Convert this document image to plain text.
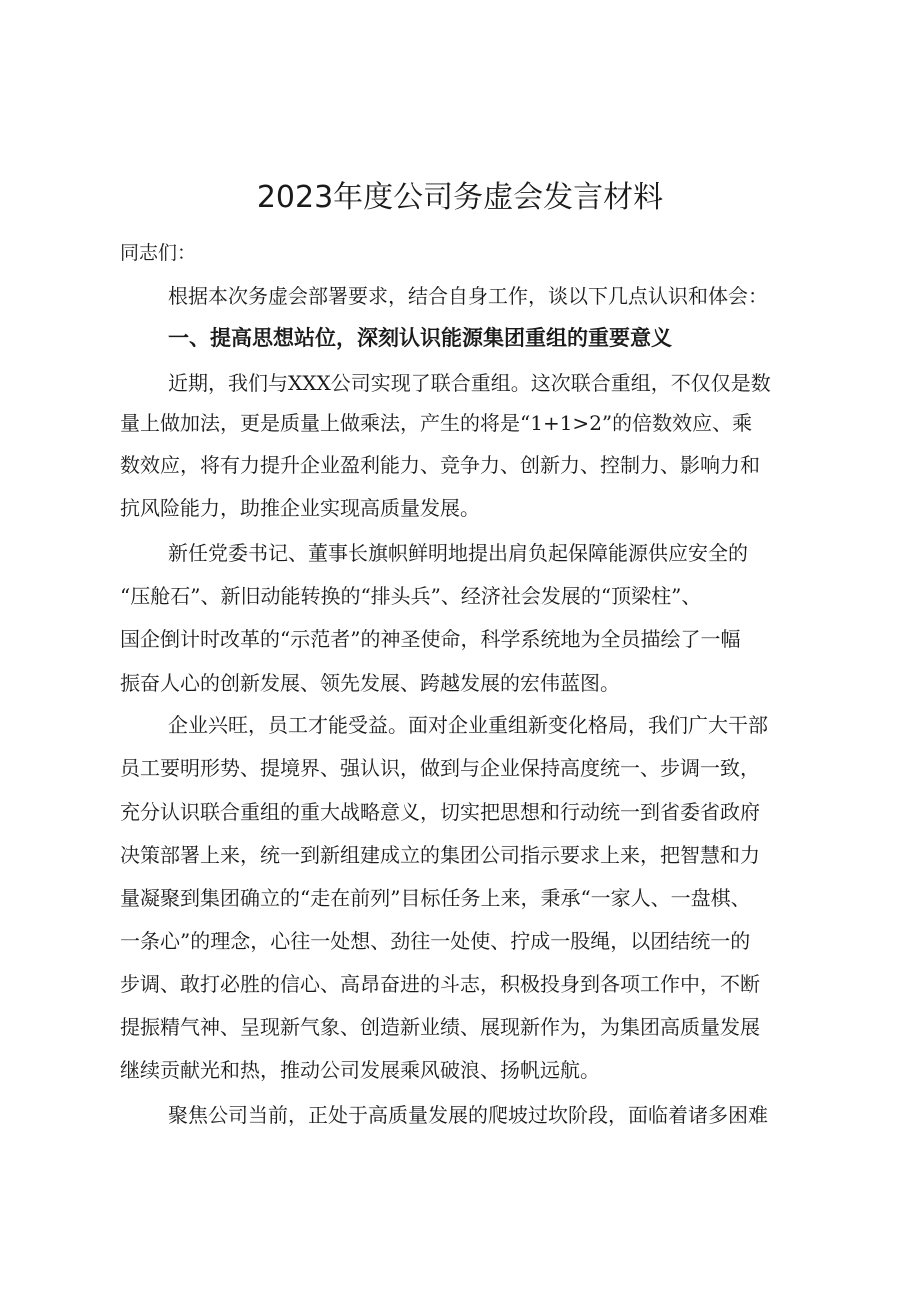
2023年度公司务虚会发言材料

同志们：

根据本次务虚会部署要求，结合自身工作，谈以下几点认识和体会：

一、提高思想站位，深刻认识能源集团重组的重要意义

近期，我们与XXX公司实现了联合重组。这次联合重组，不仅仅是数

量上做加法，更是质量上做乘法，产生的将是“1+1>2”的倍数效应、乘

数效应，将有力提升企业盈利能力、竞争力、创新力、控制力、影响力和

抗风险能力，助推企业实现高质量发展。

新任党委书记、董事长旗帜鲜明地提出肩负起保障能源供应安全的

“压舱石”、新旧动能转换的“排头兵”、经济社会发展的“顶梁柱”、

国企倒计时改革的“示范者”的神圣使命，科学系统地为全员描绘了一幅

振奋人心的创新发展、领先发展、跨越发展的宏伟蓝图。

企业兴旺，员工才能受益。面对企业重组新变化格局，我们广大干部

员工要明形势、提境界、强认识，做到与企业保持高度统一、步调一致，

充分认识联合重组的重大战略意义，切实把思想和行动统一到省委省政府

决策部署上来，统一到新组建成立的集团公司指示要求上来，把智慧和力

量凝聚到集团确立的“走在前列”目标任务上来，秉承“一家人、一盘棋、

一条心”的理念，心往一处想、劲往一处使、拧成一股绳，以团结统一的

步调、敢打必胜的信心、高昂奋进的斗志，积极投身到各项工作中，不断

提振精气神、呈现新气象、创造新业绩、展现新作为，为集团高质量发展

继续贡献光和热，推动公司发展乘风破浪、扬帆远航。

聚焦公司当前，正处于高质量发展的爬坡过坎阶段，面临着诸多困难
